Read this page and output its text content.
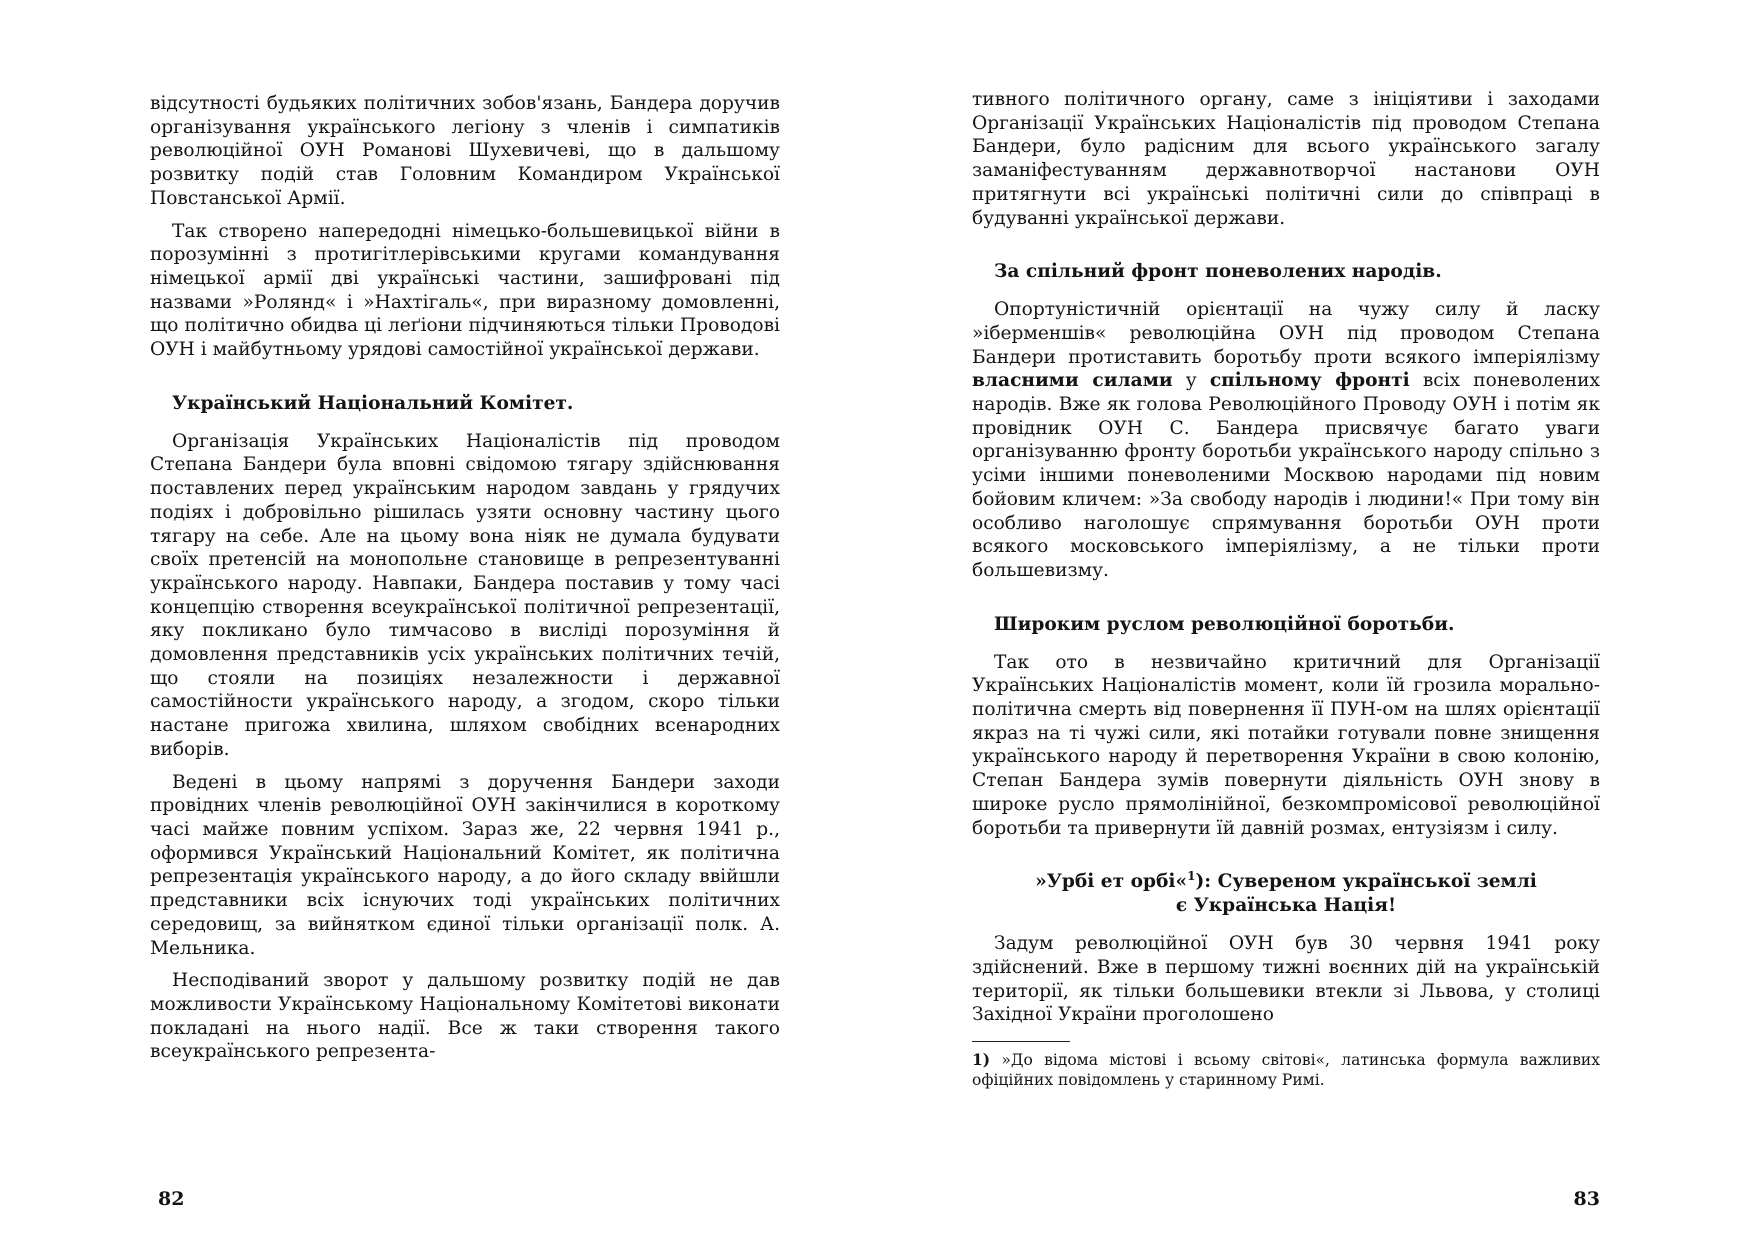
відсутності будьяких політичних зобов'язань, Бандера доручив організування українського легіону з членів і симпатиків революційної ОУН Романові Шухевичеві, що в дальшому розвитку подій став Головним Командиром Української Повстанської Армії.

Так створено напередодні німецько-большевицької війни в порозумінні з протигітлерівськими кругами командування німецької армії дві українські частини, зашифровані під назвами »Ролянд« і »Нахтігаль«, при виразному домовленні, що політично обидва ці леґіони підчиняються тільки Проводові ОУН і майбутньому урядові самостійної української держави.

Український Національний Комітет.

Організація Українських Націоналістів під проводом Степана Бандери була вповні свідомою тягару здійснювання поставлених перед українським народом завдань у грядучих подіях і добровільно рішилась узяти основну частину цього тягару на себе. Але на цьому вона ніяк не думала будувати своїх претенсій на монопольне становище в репрезентуванні українського народу. Навпаки, Бандера поставив у тому часі концепцію створення всеукраїнської політичної репрезентації, яку покликано було тимчасово в висліді порозуміння й домовлення представників усіх українських політичних течій, що стояли на позиціях незалежности і державної самостійности українського народу, а згодом, скоро тільки настане пригожа хвилина, шляхом свобідних всенародних виборів.

Ведені в цьому напрямі з доручення Бандери заходи провідних членів революційної ОУН закінчилися в короткому часі майже повним успіхом. Зараз же, 22 червня 1941 р., оформився Український Національний Комітет, як політична репрезентація українського народу, а до його складу ввійшли представники всіх існуючих тоді українських політичних середовищ, за вийнятком єдиної тільки організації полк. А. Мельника.

Несподіваний зворот у дальшому розвитку подій не дав можливости Українському Національному Комітетові виконати покладані на нього надії. Все ж таки створення такого всеукраїнського репрезента-

82

тивного політичного органу, саме з ініціятиви і заходами Організації Українських Націоналістів під проводом Степана Бандери, було радісним для всього українського загалу заманіфестуванням державнотворчої настанови ОУН притягнути всі українські політичні сили до співпраці в будуванні української держави.

За спільний фронт поневолених народів.

Опортуністичній орієнтації на чужу силу й ласку »іберменшів« революційна ОУН під проводом Степана Бандери протиставить боротьбу проти всякого імперіялізму власними силами у спільному фронті всіх поневолених народів. Вже як голова Революційного Проводу ОУН і потім як провідник ОУН С. Бандера присвячує багато уваги організуванню фронту боротьби українського народу спільно з усіми іншими поневоленими Москвою народами під новим бойовим кличем: »За свободу народів і людини!« При тому він особливо наголошує спрямування боротьби ОУН проти всякого московського імперіялізму, а не тільки проти большевизму.

Широким руслом революційної боротьби.

Так ото в незвичайно критичний для Організації Українських Націоналістів момент, коли їй грозила морально-політична смерть від повернення її ПУН-ом на шлях орієнтації якраз на ті чужі сили, які потайки готували повне знищення українського народу й перетворення України в свою колонію, Степан Бандера зумів повернути діяльність ОУН знову в широке русло прямолінійної, безкомпромісової революційної боротьби та привернути їй давній розмах, ентузіязм і силу.

»Урбі ет орбі«$^1$): Сувереном української землі
є Українська Нація!

Задум революційної ОУН був 30 червня 1941 року здійснений. Вже в першому тижні воєнних дій на українській території, як тільки большевики втекли зі Львова, у столиці Західної України проголошено

1) »До відома містові і всьому світові«, латинська формула важливих офіційних повідомлень у старинному Римі.
83
